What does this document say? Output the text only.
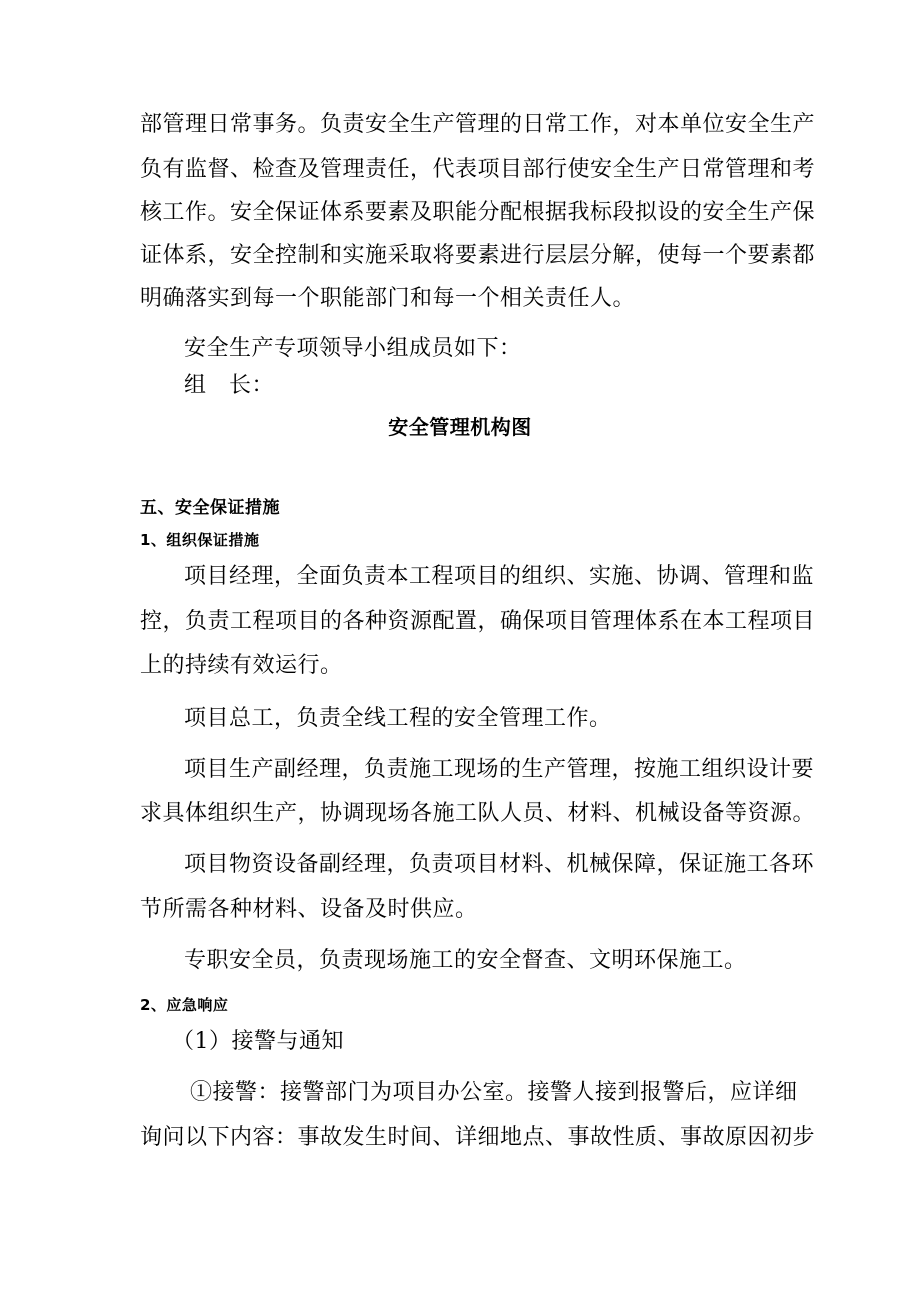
部管理日常事务。负责安全生产管理的日常工作，对本单位安全生产
负有监督、检查及管理责任，代表项目部行使安全生产日常管理和考
核工作。安全保证体系要素及职能分配根据我标段拟设的安全生产保
证体系，安全控制和实施采取将要素进行层层分解，使每一个要素都
明确落实到每一个职能部门和每一个相关责任人。
安全生产专项领导小组成员如下：
组　长：
安全管理机构图
五、安全保证措施
1、组织保证措施
项目经理，全面负责本工程项目的组织、实施、协调、管理和监
控，负责工程项目的各种资源配置，确保项目管理体系在本工程项目
上的持续有效运行。
项目总工，负责全线工程的安全管理工作。
项目生产副经理，负责施工现场的生产管理，按施工组织设计要
求具体组织生产，协调现场各施工队人员、材料、机械设备等资源。
项目物资设备副经理，负责项目材料、机械保障，保证施工各环
节所需各种材料、设备及时供应。
专职安全员，负责现场施工的安全督查、文明环保施工。
2、应急响应
（1）接警与通知
①接警：接警部门为项目办公室。接警人接到报警后，应详细
询问以下内容：事故发生时间、详细地点、事故性质、事故原因初步
